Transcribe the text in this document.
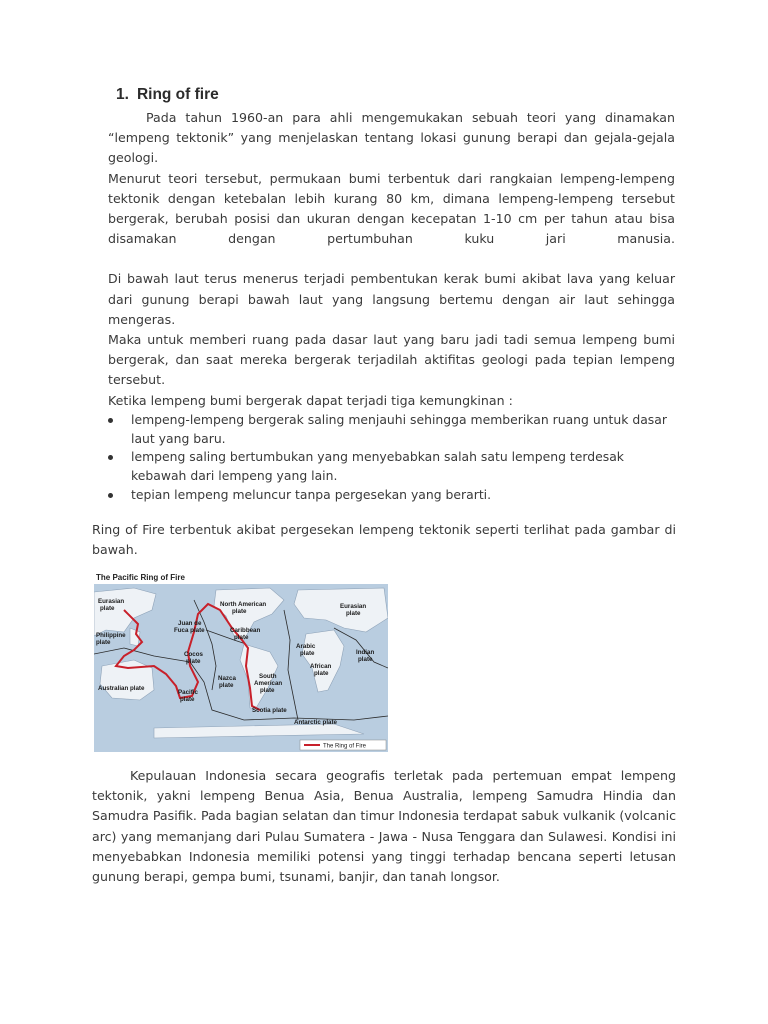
1. Ring of fire

Pada tahun 1960-an para ahli mengemukakan sebuah teori yang dinamakan “lempeng tektonik” yang menjelaskan tentang lokasi gunung berapi dan gejala-gejala geologi.

Menurut teori tersebut, permukaan bumi terbentuk dari rangkaian lempeng-lempeng tektonik dengan ketebalan lebih kurang 80 km, dimana lempeng-lempeng tersebut bergerak, berubah posisi dan ukuran dengan kecepatan 1-10 cm per tahun atau bisa disamakan dengan pertumbuhan kuku jari manusia.

Di bawah laut terus menerus terjadi pembentukan kerak bumi akibat lava yang keluar dari gunung berapi bawah laut yang langsung bertemu dengan air laut sehingga mengeras.

Maka untuk memberi ruang pada dasar laut yang baru jadi tadi semua lempeng bumi bergerak, dan saat mereka bergerak terjadilah aktifitas geologi pada tepian lempeng tersebut.

Ketika lempeng bumi bergerak dapat terjadi tiga kemungkinan :

lempeng-lempeng bergerak saling menjauhi sehingga memberikan ruang untuk dasar laut yang baru.
lempeng saling bertumbukan yang menyebabkan salah satu lempeng terdesak kebawah dari lempeng yang lain.
tepian lempeng meluncur tanpa pergesekan yang berarti.

Ring of Fire terbentuk akibat pergesekan lempeng tektonik seperti terlihat pada gambar di bawah.

The Pacific Ring of Fire
Eurasian
plate
Philippine
plate
Juan de
Fuca plate
North American
plate
Caribbean
plate
Cocos
plate
Australian plate
Pacific
plate
Nazca
plate
South
American
plate
Scotia plate
Eurasian
plate
Arabic
plate
African
plate
Indian
plate
Antarctic plate
The Ring of Fire

Kepulauan Indonesia secara geografis terletak pada pertemuan empat lempeng tektonik, yakni lempeng Benua Asia, Benua Australia, lempeng Samudra Hindia dan Samudra Pasifik. Pada bagian selatan dan timur Indonesia terdapat sabuk vulkanik (volcanic arc) yang memanjang dari Pulau Sumatera - Jawa - Nusa Tenggara dan Sulawesi. Kondisi ini menyebabkan Indonesia memiliki potensi yang tinggi terhadap bencana seperti letusan gunung berapi, gempa bumi, tsunami, banjir, dan tanah longsor.
